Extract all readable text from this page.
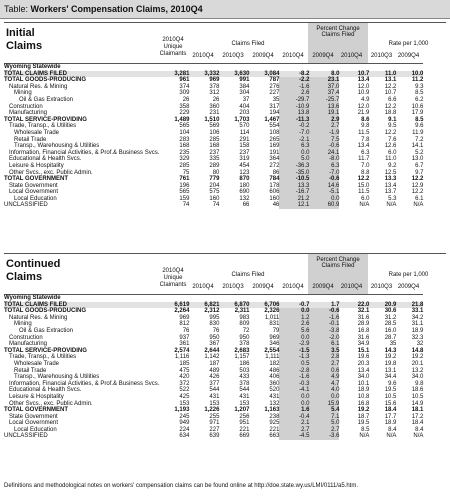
Table: Workers' Compensation Claims, 2010Q4
Initial
Claims	2010Q4
Unique
Claimants
Claims Filed
Percent Change
Claims Filed
Rate per 1,000
2010Q4	2010Q3	2009Q4	2010Q4	2009Q4	2010Q4	2010Q3 2009Q4
Wyoming Statewide									
TOTAL CLAIMS FILED	3,281	3,332	3,630	3,084	-8.2	8.0	10.7	11.0	10.0
TOTAL GOODS-PRODUCING	961	969	991	787	-2.2	23.1	13.4	13.1	11.2
Natural Res. & Mining	374	378	384	276	-1.6	37.0	12.0	12.2	9.3
Mining	309	312	304	227	2.6	37.4	10.9	10.7	8.5
Oil & Gas Extraction	26	26	37	35	-29.7	-25.7	4.9	6.6	6.2
Construction	358	360	404	317	-10.9	13.6	12.0	12.2	10.6
Manufacturing	229	231	203	194	13.8	19.1	21.9	18.8	17.9
TOTAL SERVICE-PROVIDING	1,489	1,510	1,703	1,467	-11.3	2.9	8.6	9.1	8.5
Trade, Transp., & Utilities	565	569	570	554	-0.2	2.7	9.8	9.5	9.6
Wholesale Trade	104	106	114	108	-7.0	-1.9	11.5	12.2	11.9
Retail Trade	283	285	291	265	-2.1	7.5	7.8	7.6	7.2
Transp., Warehousing & Utilities	168	168	158	169	6.3	-0.6	13.4	12.6	14.1
Information, Financial Activities, & Prof.& Business Svcs.	235	237	237	191	0.0	24.1	6.3	6.0	5.2
Educational & Health Svcs.	329	335	319	364	5.0	-8.0	11.7	11.0	13.0
Leisure & Hospitality	285	289	454	272	-36.3	6.3	7.0	9.2	6.7
Other Svcs., exc. Public Admin.	75	80	123	86	-35.0	-7.0	8.8	12.5	9.7
TOTAL GOVERNMENT	761	779	870	784	-10.5	-0.6	12.2	13.3	12.2
State Government	196	204	180	178	13.3	14.6	15.0	13.4	12.9
Local Government	565	575	690	606	-16.7	-5.1	11.5	13.7	12.2
Local Education	159	160	132	160	21.2	0.0	6.0	5.3	6.1
UNCLASSIFIED	74	74	66	46	12.1	60.9	N/A	N/A	N/A
Continued
Claims	2010Q4
Unique
Claimants
Claims Filed
Percent Change
Claims Filed
Rate per 1,000
2010Q4	2010Q3	2009Q4	2010Q4	2009Q4	2010Q4	2010Q3 2009Q4
Wyoming Statewide									
TOTAL CLAIMS FILED	6,619	6,821	6,870	6,706	-0.7	1.7	22.0	20.9	21.8
TOTAL GOODS-PRODUCING	2,264	2,312	2,311	2,326	0.0	-0.6	32.1	30.6	33.1
Natural Res. & Mining	969	995	983	1,011	1.2	-1.6	31.6	31.2	34.2
Mining	812	830	809	831	2.6	-0.1	28.9	28.5	31.1
Oil & Gas Extraction	76	76	72	79	5.6	-3.8	16.8	16.0	18.9
Construction	937	950	950	969	0.0	-2.0	31.6	28.7	32.3
Manufacturing	361	367	378	346	-2.9	6.1	34.9	35	32
TOTAL SERVICE-PROVIDING	2,574	2,644	2,683	2,554	-1.5	3.5	15.1	14.3	14.8
Trade, Transp., & Utilities	1,116	1,142	1,157	1,111	-1.3	2.8	19.6	19.2	19.2
Wholesale Trade	185	187	186	182	0.5	2.7	20.3	19.8	20.1
Retail Trade	475	489	503	486	-2.8	0.6	13.4	13.1	13.2
Transp., Warehousing & Utilities	420	426	433	406	-1.6	4.9	34.0	34.4	34.0
Information, Financial Activities, & Prof.& Business Svcs.	372	377	378	360	-0.3	4.7	10.1	9.6	9.8
Educational & Health Svcs.	522	544	544	520	-4.1	4.0	18.9	19.5	18.6
Leisure & Hospitality	425	431	431	431	0.0	0.0	10.8	10.5	10.5
Other Svcs., exc. Public Admin.	153	153	153	132	0.0	15.9	16.8	15.6	14.9
TOTAL GOVERNMENT	1,193	1,226	1,207	1,163	1.6	5.4	19.2	18.4	18.1
State Government	245	255	256	238	-0.4	7.1	18.7	17.7	17.2
Local Government	949	971	951	925	2.1	5.0	19.5	18.9	18.4
Local Education	224	227	221	221	2.7	2.7	8.5	8.4	8.4
UNCLASSIFIED	634	639	669	663	-4.5	-3.6	N/A	N/A	N/A
Definitions and methodological notes on workers' compensation claims can be found online at http://doe.state.wy.us/LMI/0111/a5.htm.
